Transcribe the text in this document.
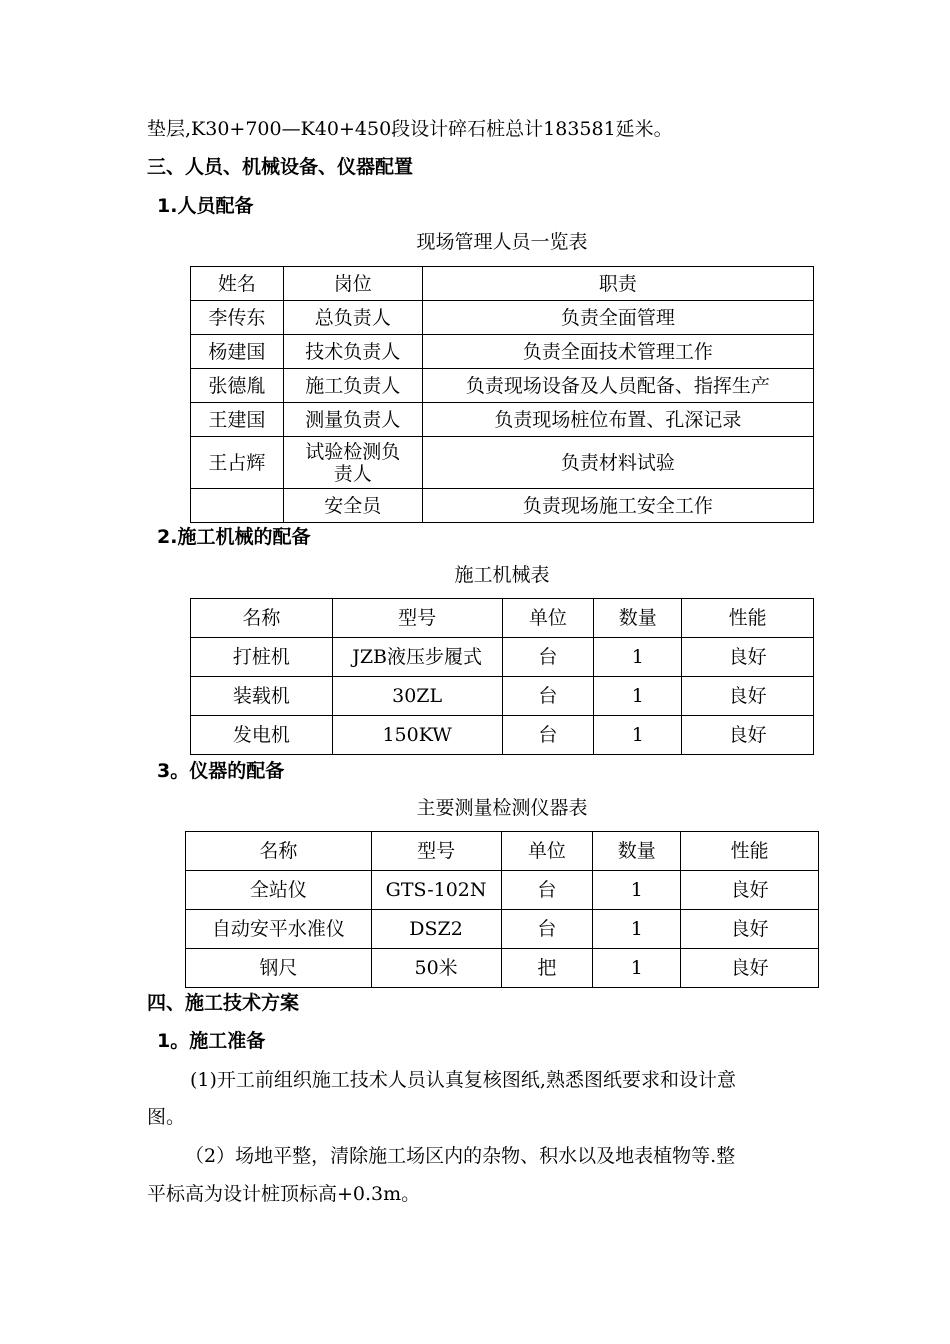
垫层,K30+700—K40+450段设计碎石桩总计183581延米。
三、人员、机械设备、仪器配置
1.人员配备
现场管理人员一览表
姓名	岗位	职责
李传东	总负责人	负责全面管理
杨建国	技术负责人	负责全面技术管理工作
张德胤	施工负责人	负责现场设备及人员配备、指挥生产
王建国	测量负责人	负责现场桩位布置、孔深记录
王占辉	试验检测负责人	负责材料试验
	安全员	负责现场施工安全工作
2.施工机械的配备
施工机械表
名称	型号	单位	数量	性能
打桩机	JZB液压步履式	台	1	良好
装载机	30ZL	台	1	良好
发电机	150KW	台	1	良好
3。仪器的配备
主要测量检测仪器表
名称	型号	单位	数量	性能
全站仪	GTS-102N	台	1	良好
自动安平水准仪	DSZ2	台	1	良好
钢尺	50米	把	1	良好
四、施工技术方案
1。施工准备
(1)开工前组织施工技术人员认真复核图纸,熟悉图纸要求和设计意
图。
（2）场地平整，清除施工场区内的杂物、积水以及地表植物等.整
平标高为设计桩顶标高+0.3m。
